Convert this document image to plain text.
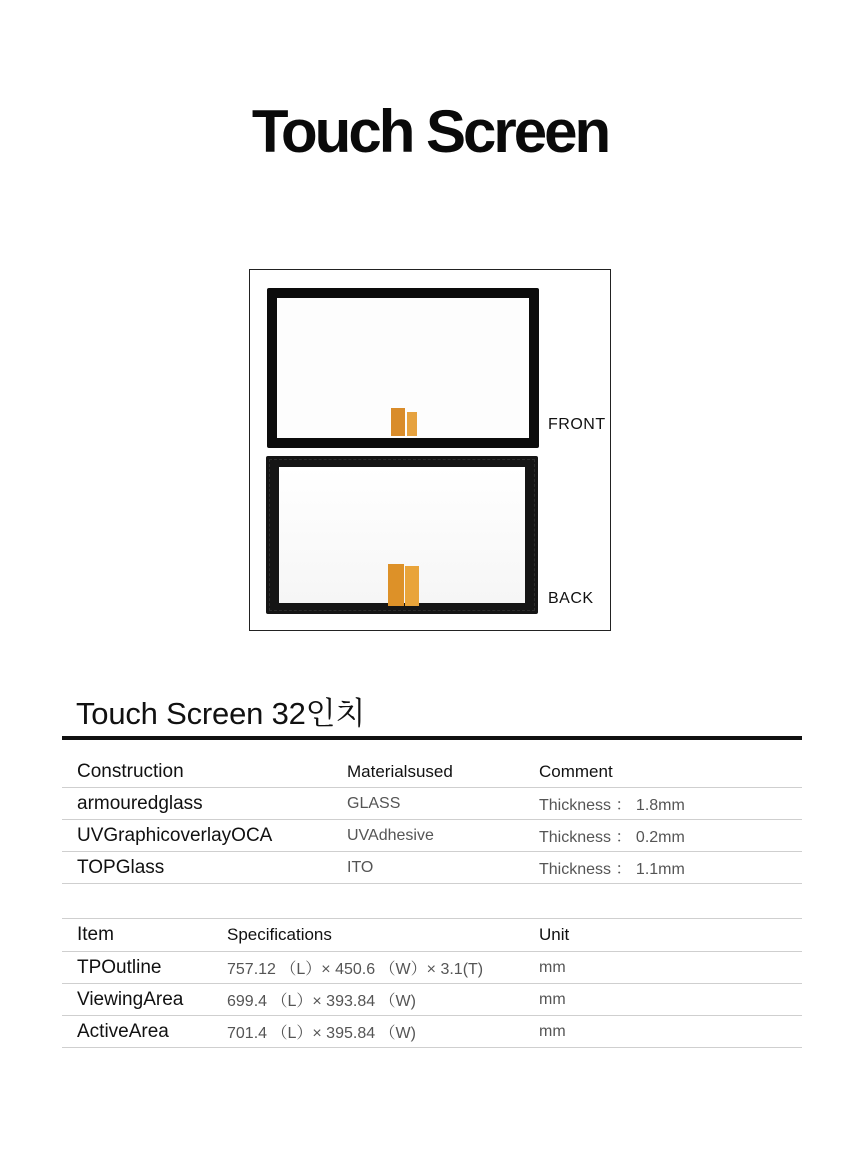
Touch Screen
FRONT
BACK
Touch Screen 32인치
Construction	Materialsused	Comment
armouredglass	GLASS	Thickness ： 1.8mm
UVGraphicoverlayOCA	UVAdhesive	Thickness ： 0.2mm
TOPGlass	ITO	Thickness ： 1.1mm
Item	Specifications	Unit
TPOutline	757.12 （L）× 450.6 （W）× 3.1(T)	mm
ViewingArea	699.4 （L）× 393.84 （W)	mm
ActiveArea	701.4 （L）× 395.84 （W)	mm
